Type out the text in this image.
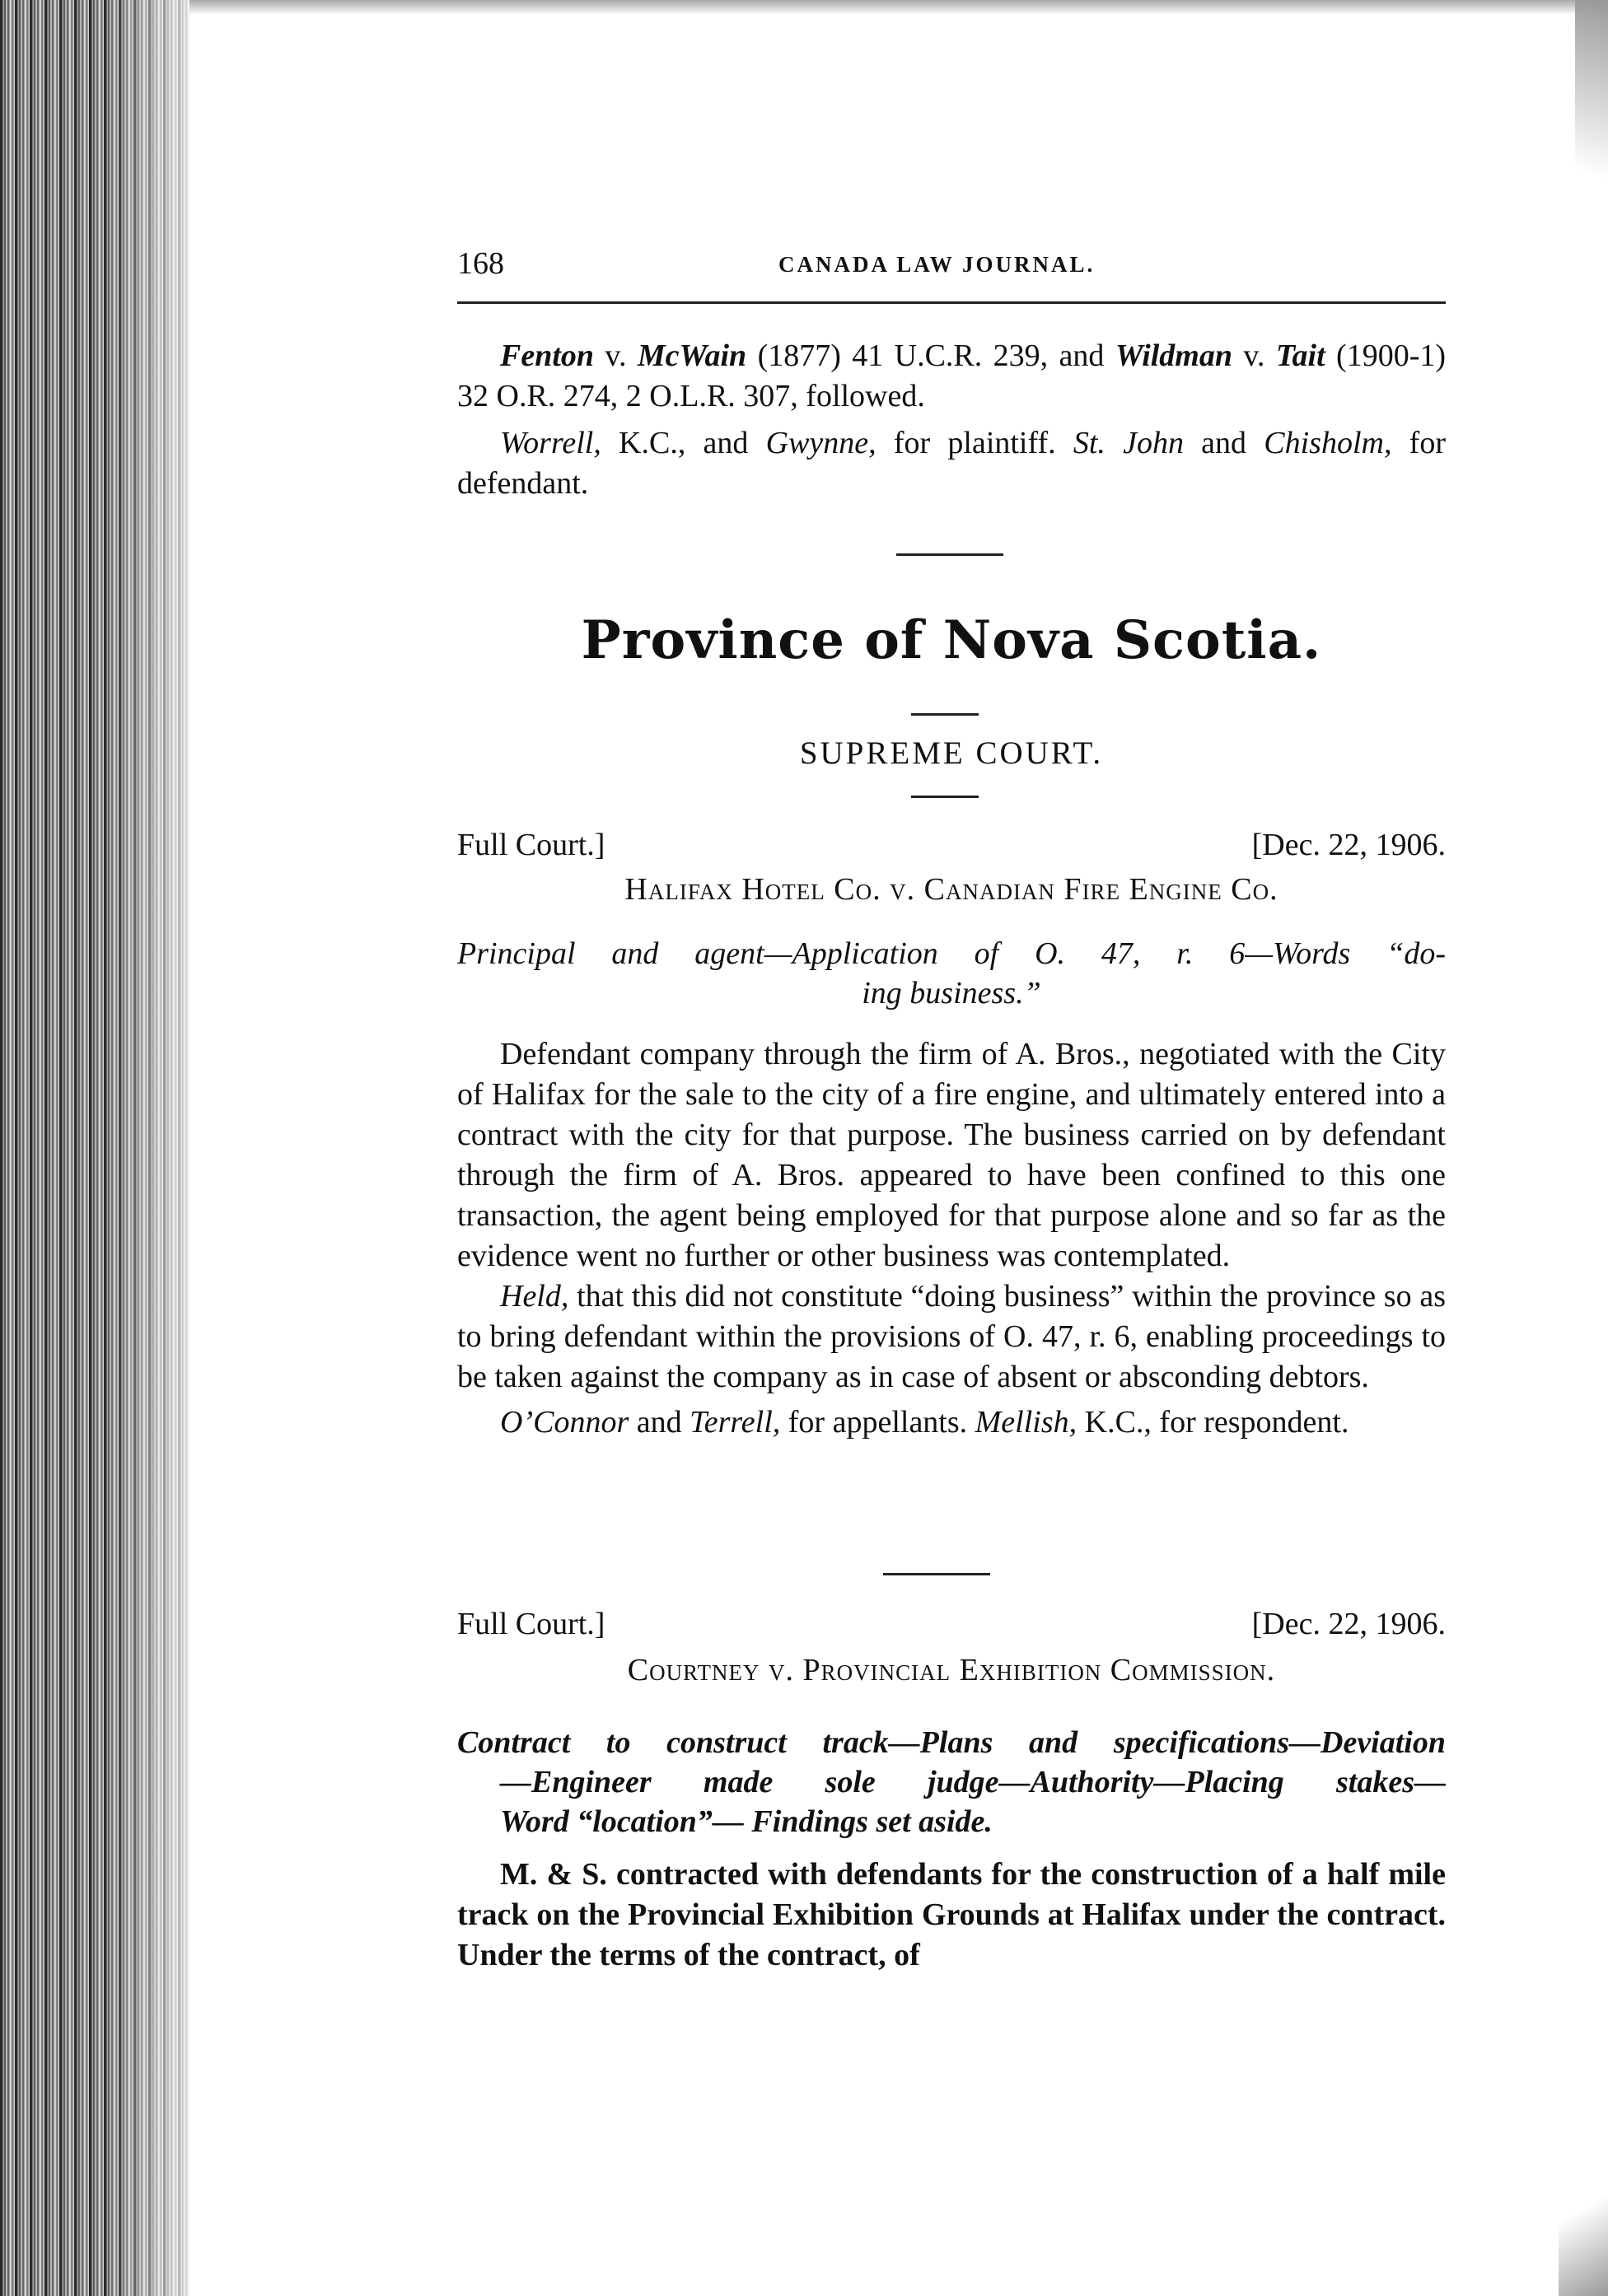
168	CANADA LAW JOURNAL.

Fenton v. McWain (1877) 41 U.C.R. 239, and Wildman v. Tait (1900-1) 32 O.R. 274, 2 O.L.R. 307, followed.

Worrell, K.C., and Gwynne, for plaintiff. St. John and Chisholm, for defendant.

Province of Nova Scotia.
SUPREME COURT.
Full Court.]	[Dec. 22, 1906.
Halifax Hotel Co. v. Canadian Fire Engine Co.
Principal and agent—Application of O. 47, r. 6—Words “do-
ing business.”

Defendant company through the firm of A. Bros., negotiated with the City of Halifax for the sale to the city of a fire engine, and ultimately entered into a contract with the city for that purpose. The business carried on by defendant through the firm of A. Bros. appeared to have been confined to this one transaction, the agent being employed for that purpose alone and so far as the evidence went no further or other business was contemplated.

Held, that this did not constitute “doing business” within the province so as to bring defendant within the provisions of O. 47, r. 6, enabling proceedings to be taken against the company as in case of absent or absconding debtors.

O’Connor and Terrell, for appellants. Mellish, K.C., for respondent.

Full Court.]	[Dec. 22, 1906.
Courtney v. Provincial Exhibition Commission.
Contract to construct track—Plans and specifications—Deviation
—Engineer made sole judge—Authority—Placing stakes—
Word “location”— Findings set aside.

M. & S. contracted with defendants for the construction of a half mile track on the Provincial Exhibition Grounds at Halifax under the contract. Under the terms of the contract, of
